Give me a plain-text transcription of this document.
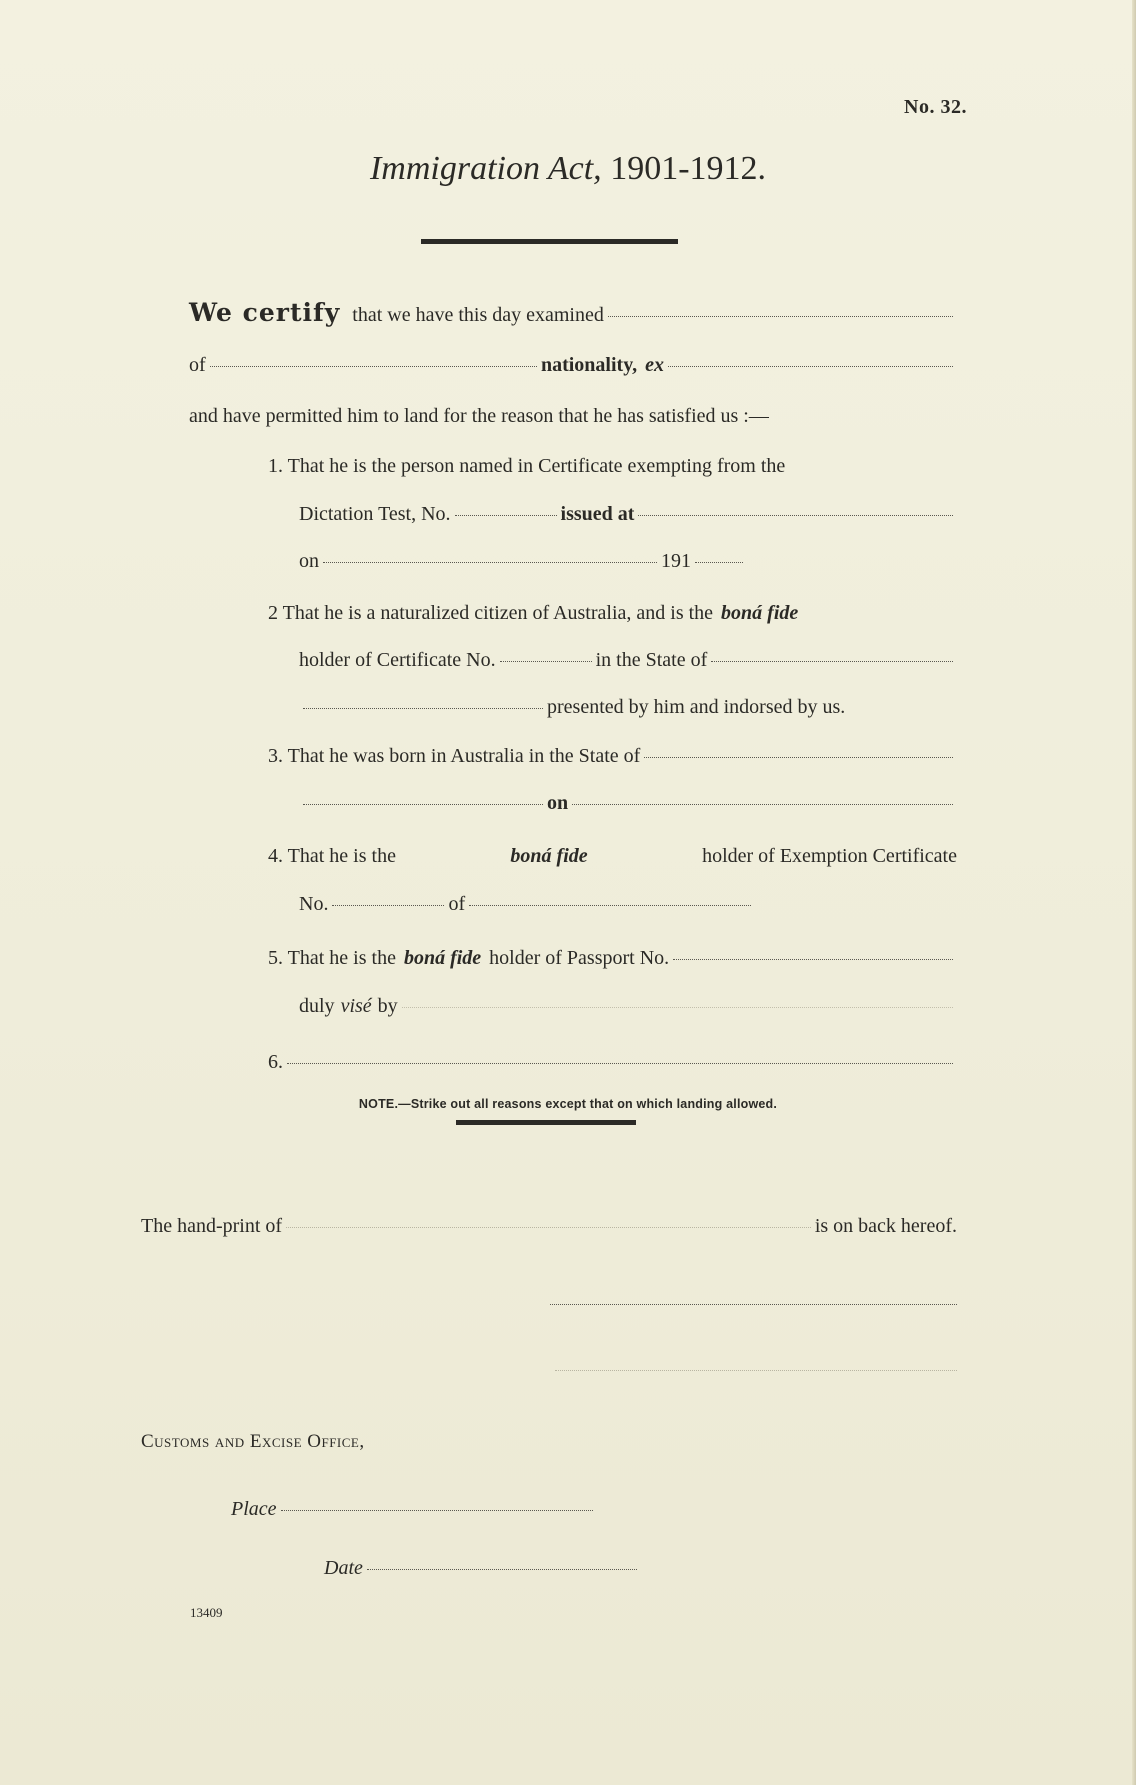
No. 32.
Immigration Act, 1901-1912.
We certify that we have this day examined
of	nationality, ex
and have permitted him to land for the reason that he has satisfied us :—
1. That he is the person named in Certificate exempting from the
Dictation Test, No.	issued at
on	191
2 That he is a naturalized citizen of Australia, and is the boná fide
holder of Certificate No.	in the State of
presented by him and indorsed by us.
3. That he was born in Australia in the State of
on
4. That he is the	boná fide	holder of Exemption Certificate
No.	of
5. That he is the boná fide holder of Passport No.
duly visé by
6.
NOTE.—Strike out all reasons except that on which landing allowed.
The hand-print of	is on back hereof.
Customs and Excise Office,
Place
Date
13409
